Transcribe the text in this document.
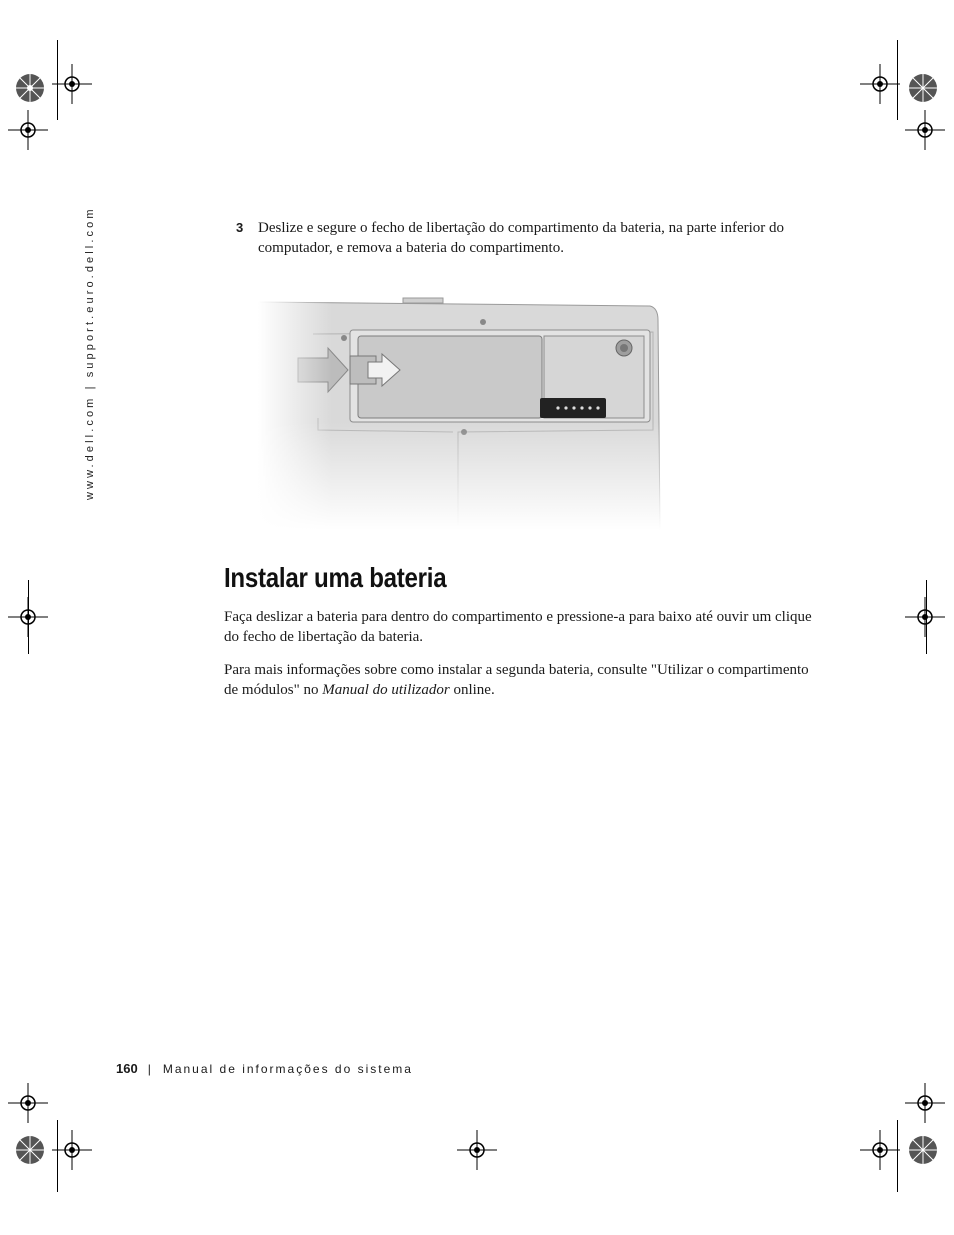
www.dell.com | support.euro.dell.com	3 Deslize e segure o fecho de libertação do compartimento da bateria, na parte inferior do computador, e remova a bateria do compartimento.
Instalar uma bateria

Faça deslizar a bateria para dentro do compartimento e pressione-a para baixo até ouvir um clique do fecho de libertação da bateria.

Para mais informações sobre como instalar a segunda bateria, consulte "Utilizar o compartimento de módulos" no Manual do utilizador online.

160 | Manual de informações do sistema
